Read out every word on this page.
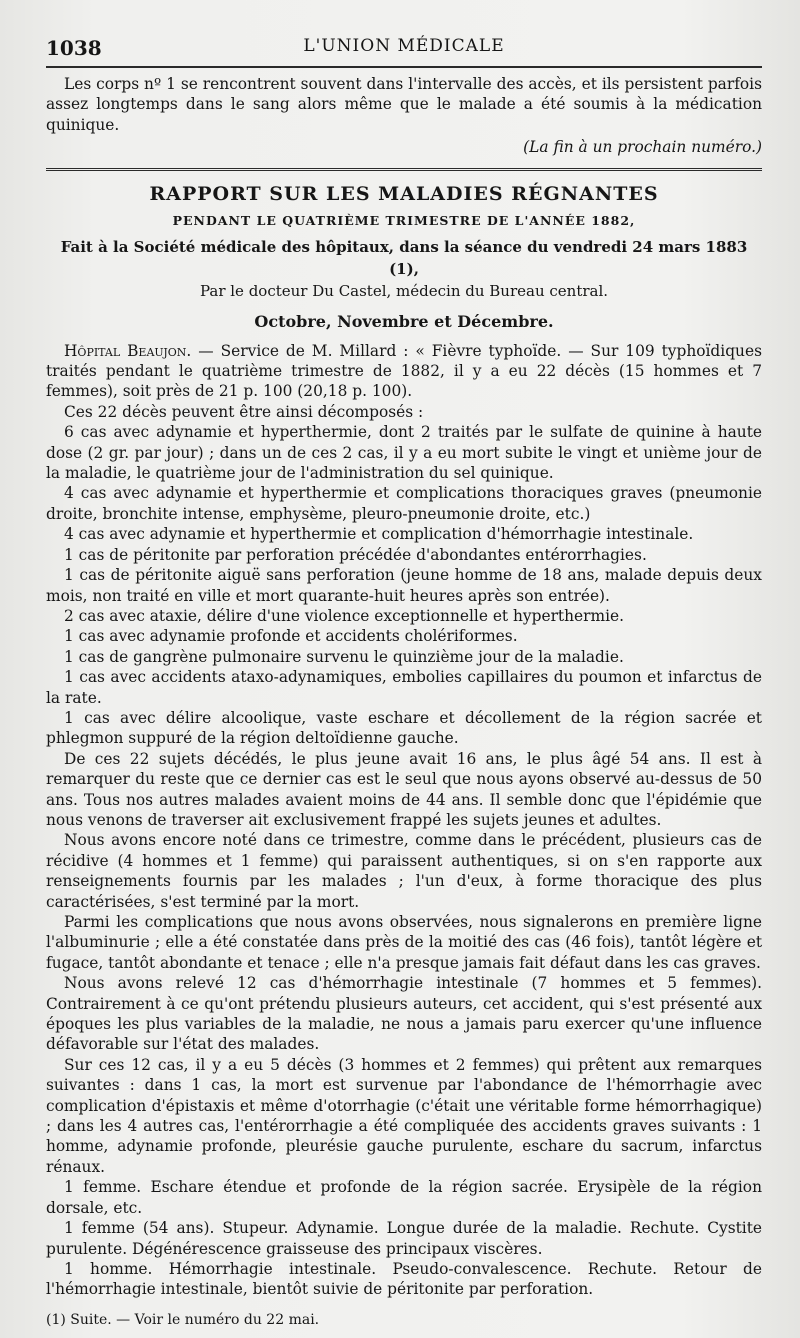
1038	L'UNION MÉDICALE

Les corps nº 1 se rencontrent souvent dans l'intervalle des accès, et ils persistent parfois assez longtemps dans le sang alors même que le malade a été soumis à la médication quinique.

(La fin à un prochain numéro.)

RAPPORT SUR LES MALADIES RÉGNANTES
PENDANT LE QUATRIÈME TRIMESTRE DE L'ANNÉE 1882,
Fait à la Société médicale des hôpitaux, dans la séance du vendredi 24 mars 1883 (1),
Par le docteur Du Castel, médecin du Bureau central.
Octobre, Novembre et Décembre.

Hôpital Beaujon. — Service de M. Millard : « Fièvre typhoïde. — Sur 109 typhoïdiques traités pendant le quatrième trimestre de 1882, il y a eu 22 décès (15 hommes et 7 femmes), soit près de 21 p. 100 (20,18 p. 100).

Ces 22 décès peuvent être ainsi décomposés :

6 cas avec adynamie et hyperthermie, dont 2 traités par le sulfate de quinine à haute dose (2 gr. par jour) ; dans un de ces 2 cas, il y a eu mort subite le vingt et unième jour de la maladie, le quatrième jour de l'administration du sel quinique.

4 cas avec adynamie et hyperthermie et complications thoraciques graves (pneumonie droite, bronchite intense, emphysème, pleuro-pneumonie droite, etc.)

4 cas avec adynamie et hyperthermie et complication d'hémorrhagie intestinale.

1 cas de péritonite par perforation précédée d'abondantes entérorrhagies.

1 cas de péritonite aiguë sans perforation (jeune homme de 18 ans, malade depuis deux mois, non traité en ville et mort quarante-huit heures après son entrée).

2 cas avec ataxie, délire d'une violence exceptionnelle et hyperthermie.

1 cas avec adynamie profonde et accidents cholériformes.

1 cas de gangrène pulmonaire survenu le quinzième jour de la maladie.

1 cas avec accidents ataxo-adynamiques, embolies capillaires du poumon et infarctus de la rate.

1 cas avec délire alcoolique, vaste eschare et décollement de la région sacrée et phlegmon suppuré de la région deltoïdienne gauche.

De ces 22 sujets décédés, le plus jeune avait 16 ans, le plus âgé 54 ans. Il est à remarquer du reste que ce dernier cas est le seul que nous ayons observé au-dessus de 50 ans. Tous nos autres malades avaient moins de 44 ans. Il semble donc que l'épidémie que nous venons de traverser ait exclusivement frappé les sujets jeunes et adultes.

Nous avons encore noté dans ce trimestre, comme dans le précédent, plusieurs cas de récidive (4 hommes et 1 femme) qui paraissent authentiques, si on s'en rapporte aux renseignements fournis par les malades ; l'un d'eux, à forme thoracique des plus caractérisées, s'est terminé par la mort.

Parmi les complications que nous avons observées, nous signalerons en première ligne l'albuminurie ; elle a été constatée dans près de la moitié des cas (46 fois), tantôt légère et fugace, tantôt abondante et tenace ; elle n'a presque jamais fait défaut dans les cas graves.

Nous avons relevé 12 cas d'hémorrhagie intestinale (7 hommes et 5 femmes). Contrairement à ce qu'ont prétendu plusieurs auteurs, cet accident, qui s'est présenté aux époques les plus variables de la maladie, ne nous a jamais paru exercer qu'une influence défavorable sur l'état des malades.

Sur ces 12 cas, il y a eu 5 décès (3 hommes et 2 femmes) qui prêtent aux remarques suivantes : dans 1 cas, la mort est survenue par l'abondance de l'hémorrhagie avec complication d'épistaxis et même d'otorrhagie (c'était une véritable forme hémorrhagique) ; dans les 4 autres cas, l'entérorrhagie a été compliquée des accidents graves suivants : 1 homme, adynamie profonde, pleurésie gauche purulente, eschare du sacrum, infarctus rénaux.

1 femme. Eschare étendue et profonde de la région sacrée. Erysipèle de la région dorsale, etc.

1 femme (54 ans). Stupeur. Adynamie. Longue durée de la maladie. Rechute. Cystite purulente. Dégénérescence graisseuse des principaux viscères.

1 homme. Hémorrhagie intestinale. Pseudo-convalescence. Rechute. Retour de l'hémorrhagie intestinale, bientôt suivie de péritonite par perforation.

(1) Suite. — Voir le numéro du 22 mai.
